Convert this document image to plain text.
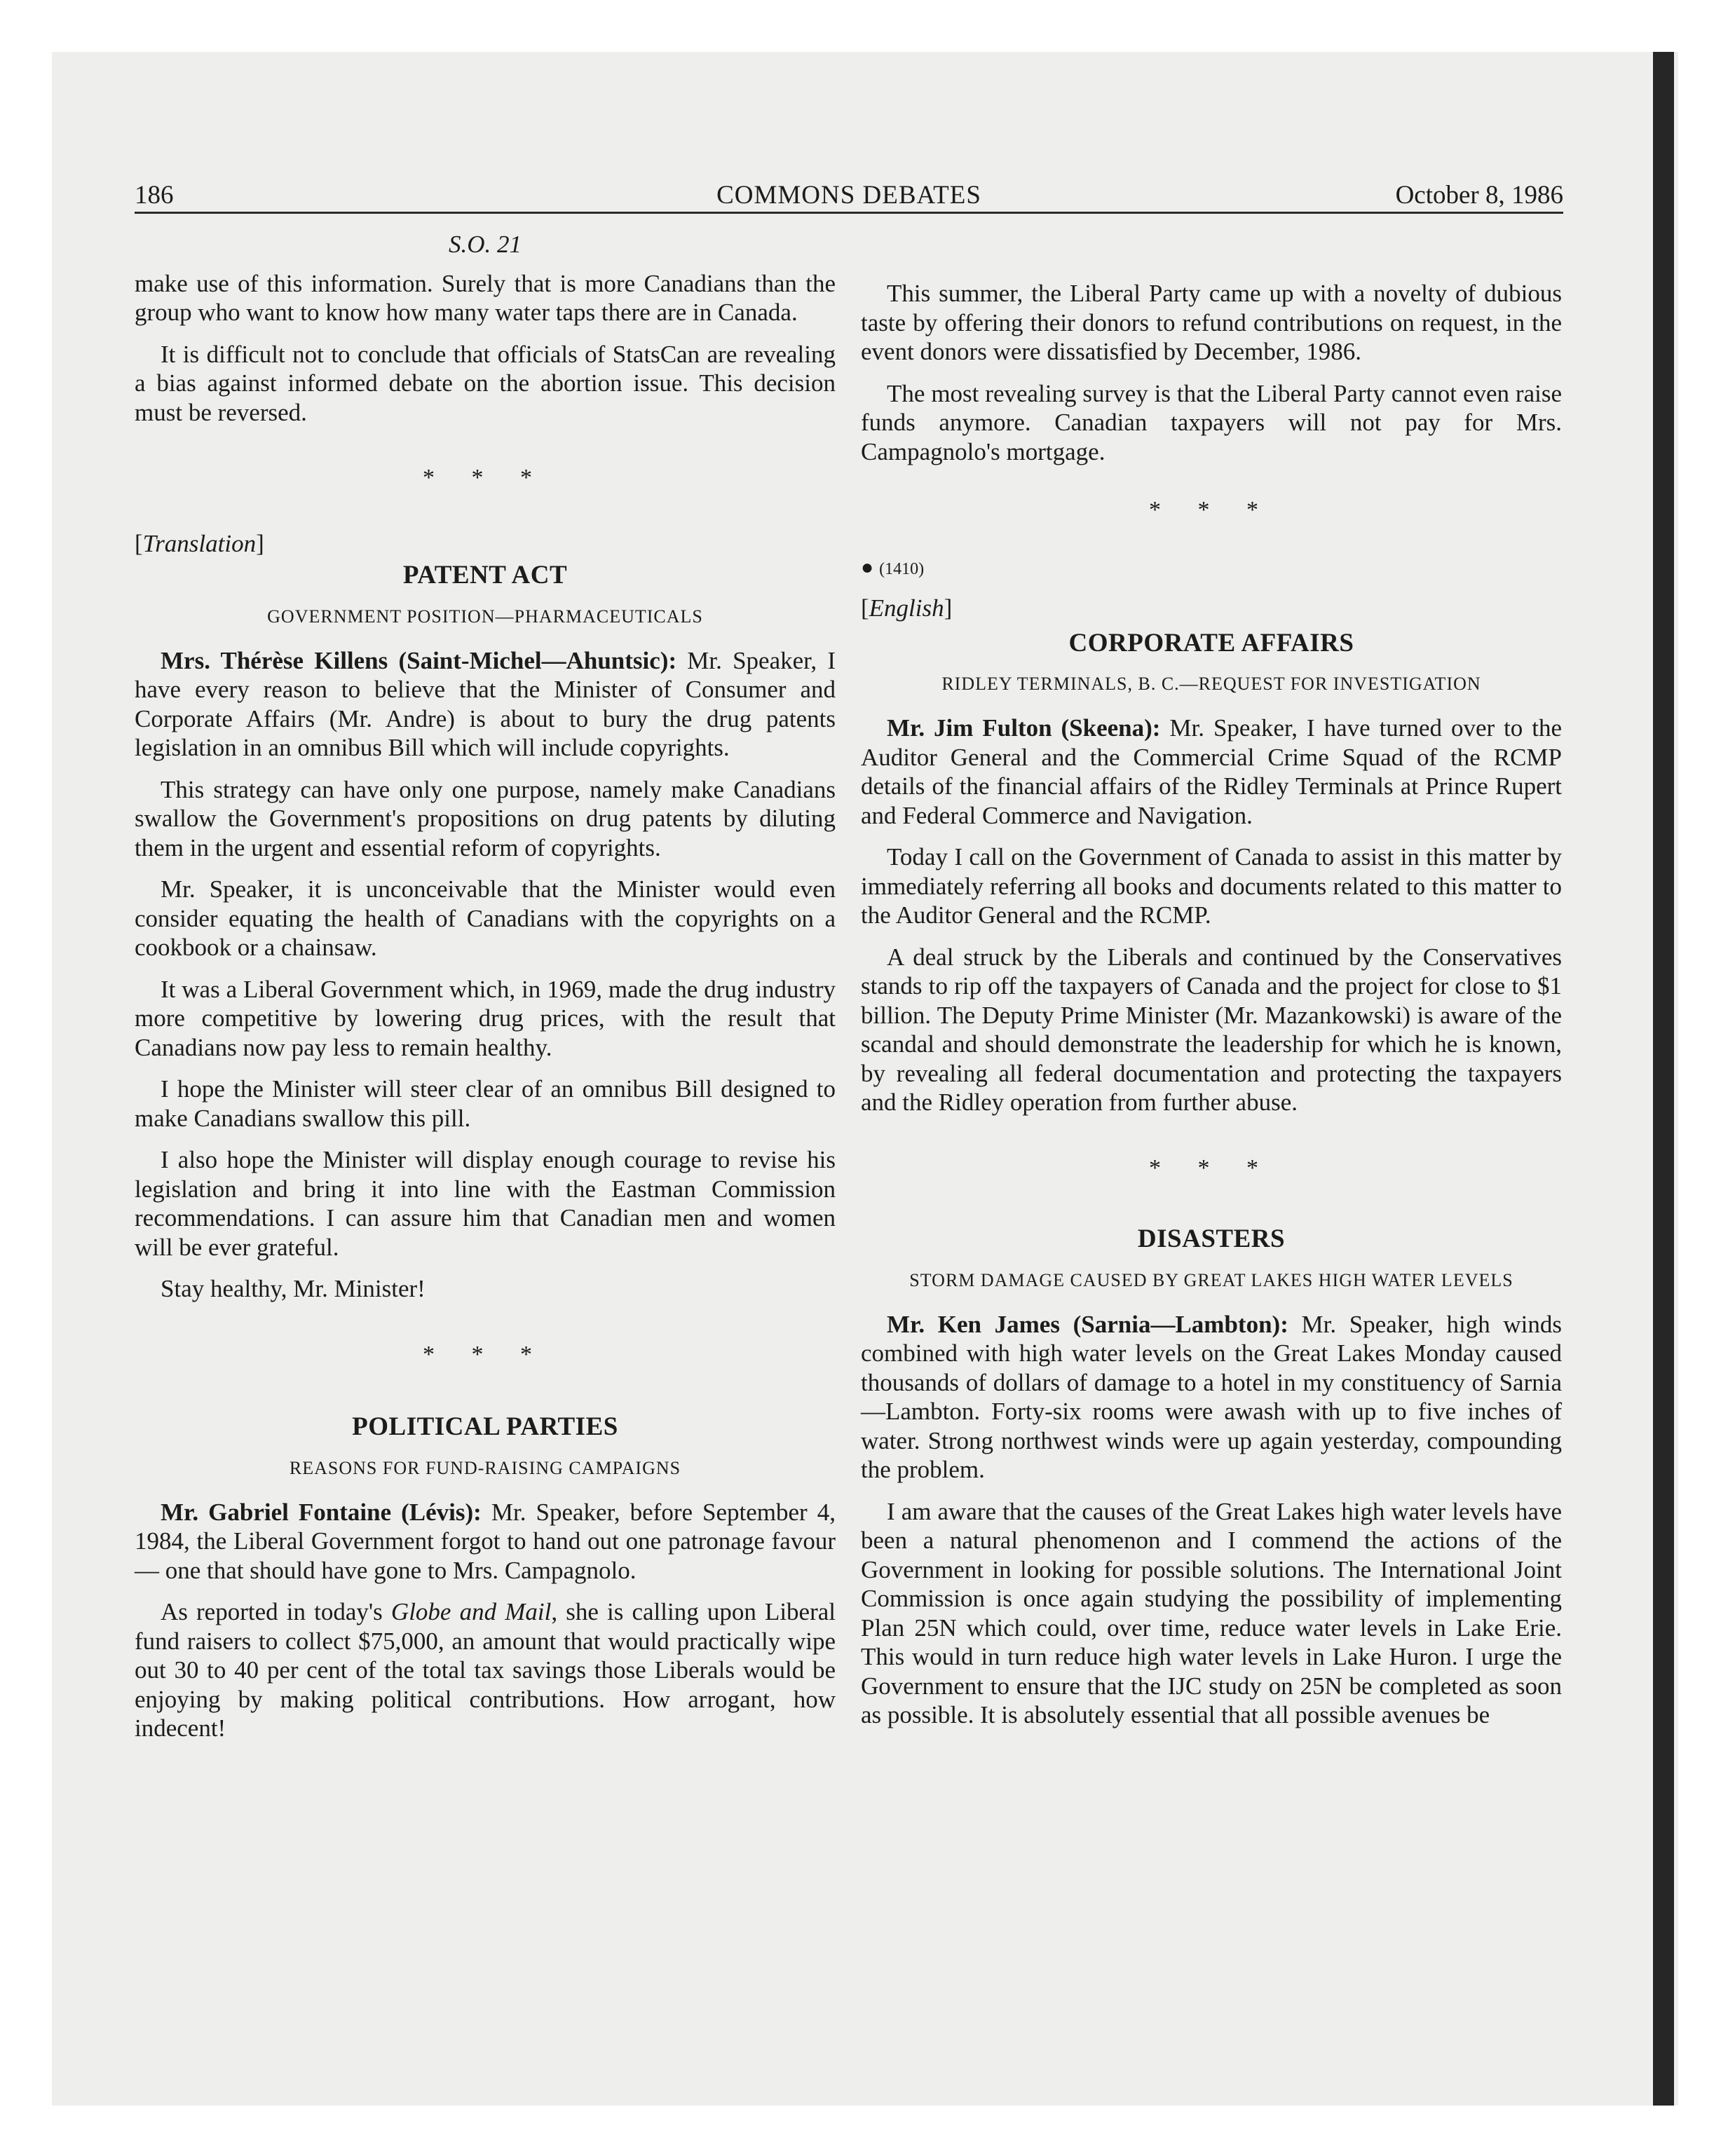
186	COMMONS DEBATES	October 8, 1986
S.O. 21

make use of this information. Surely that is more Canadians than the group who want to know how many water taps there are in Canada.

It is difficult not to conclude that officials of StatsCan are revealing a bias against informed debate on the abortion issue. This decision must be reversed.

* * *
[Translation]
PATENT ACT
GOVERNMENT POSITION—PHARMACEUTICALS

Mrs. Thérèse Killens (Saint-Michel—Ahuntsic): Mr. Speaker, I have every reason to believe that the Minister of Consumer and Corporate Affairs (Mr. Andre) is about to bury the drug patents legislation in an omnibus Bill which will include copyrights.

This strategy can have only one purpose, namely make Canadians swallow the Government's propositions on drug patents by diluting them in the urgent and essential reform of copyrights.

Mr. Speaker, it is unconceivable that the Minister would even consider equating the health of Canadians with the copyrights on a cookbook or a chainsaw.

It was a Liberal Government which, in 1969, made the drug industry more competitive by lowering drug prices, with the result that Canadians now pay less to remain healthy.

I hope the Minister will steer clear of an omnibus Bill designed to make Canadians swallow this pill.

I also hope the Minister will display enough courage to revise his legislation and bring it into line with the Eastman Commission recommendations. I can assure him that Canadian men and women will be ever grateful.

Stay healthy, Mr. Minister!

* * *
POLITICAL PARTIES
REASONS FOR FUND-RAISING CAMPAIGNS

Mr. Gabriel Fontaine (Lévis): Mr. Speaker, before September 4, 1984, the Liberal Government forgot to hand out one patronage favour— one that should have gone to Mrs. Campagnolo.

As reported in today's Globe and Mail, she is calling upon Liberal fund raisers to collect $75,000, an amount that would practically wipe out 30 to 40 per cent of the total tax savings those Liberals would be enjoying by making political contributions. How arrogant, how indecent!

This summer, the Liberal Party came up with a novelty of dubious taste by offering their donors to refund contributions on request, in the event donors were dissatisfied by December, 1986.

The most revealing survey is that the Liberal Party cannot even raise funds anymore. Canadian taxpayers will not pay for Mrs. Campagnolo's mortgage.

* * *
● (1410)
[English]
CORPORATE AFFAIRS
RIDLEY TERMINALS, B. C.—REQUEST FOR INVESTIGATION

Mr. Jim Fulton (Skeena): Mr. Speaker, I have turned over to the Auditor General and the Commercial Crime Squad of the RCMP details of the financial affairs of the Ridley Terminals at Prince Rupert and Federal Commerce and Navigation.

Today I call on the Government of Canada to assist in this matter by immediately referring all books and documents related to this matter to the Auditor General and the RCMP.

A deal struck by the Liberals and continued by the Conservatives stands to rip off the taxpayers of Canada and the project for close to $1 billion. The Deputy Prime Minister (Mr. Mazankowski) is aware of the scandal and should demonstrate the leadership for which he is known, by revealing all federal documentation and protecting the taxpayers and the Ridley operation from further abuse.

* * *
DISASTERS
STORM DAMAGE CAUSED BY GREAT LAKES HIGH WATER LEVELS

Mr. Ken James (Sarnia—Lambton): Mr. Speaker, high winds combined with high water levels on the Great Lakes Monday caused thousands of dollars of damage to a hotel in my constituency of Sarnia—Lambton. Forty-six rooms were awash with up to five inches of water. Strong northwest winds were up again yesterday, compounding the problem.

I am aware that the causes of the Great Lakes high water levels have been a natural phenomenon and I commend the actions of the Government in looking for possible solutions. The International Joint Commission is once again studying the possibility of implementing Plan 25N which could, over time, reduce water levels in Lake Erie. This would in turn reduce high water levels in Lake Huron. I urge the Government to ensure that the IJC study on 25N be completed as soon as possible. It is absolutely essential that all possible avenues be
